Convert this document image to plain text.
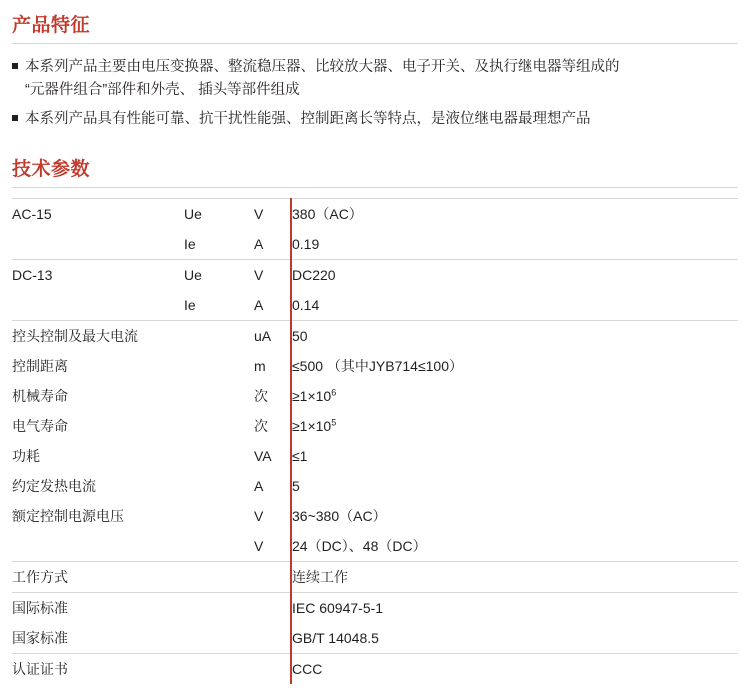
产品特征
本系列产品主要由电压变换器、整流稳压器、比较放大器、电子开关、及执行继电器等组成的
“元器件组合”部件和外壳、 插头等部件组成
本系列产品具有性能可靠、抗干扰性能强、控制距离长等特点，是液位继电器最理想产品
技术参数
AC-15	Ue	V	380（AC）
	Ie	A	0.19
DC-13	Ue	V	DC220
	Ie	A	0.14
控头控制及最大电流		uA	50
控制距离		m	≤500 （其中JYB714≤100）
机械寿命		次	$\ge 1\times 10^6$
电气寿命		次	$\ge 1\times 10^5$
功耗		VA	≤1
约定发热电流		A	5
额定控制电源电压		V	36~380（AC）
		V	24（DC）、48（DC）
工作方式			连续工作
国际标准			IEC 60947-5-1
国家标准			GB/T 14048.5
认证证书			CCC
